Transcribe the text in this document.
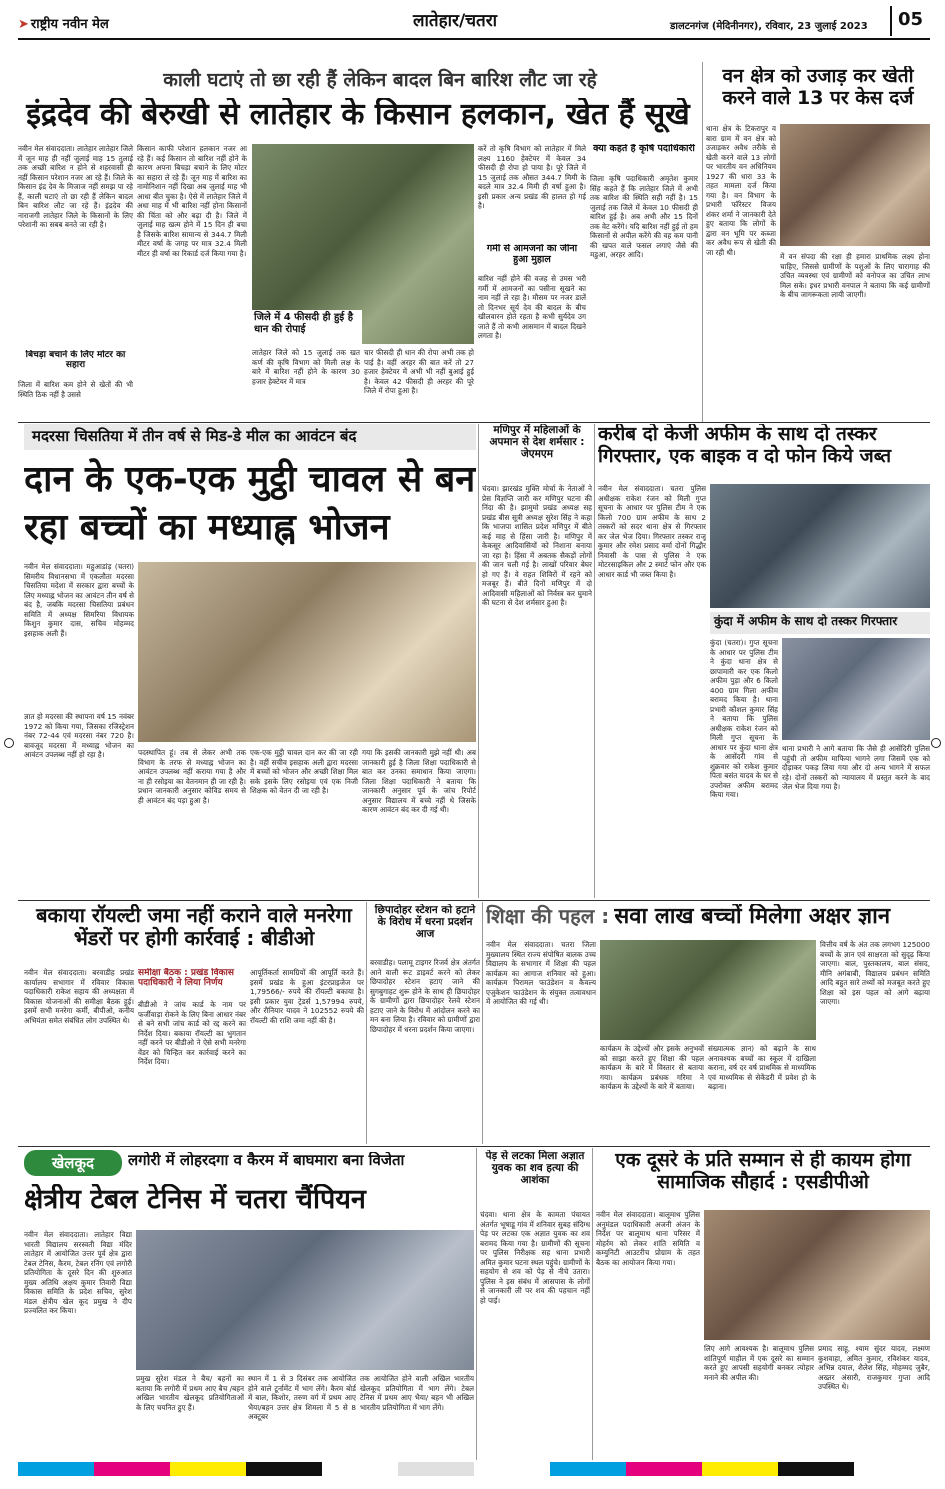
➤ राष्ट्रीय नवीन मेल	लातेहार/चतरा	डालटनगंज (मेदिनीनगर), रविवार, 23 जुलाई 2023	05
काली घटाएं तो छा रही हैं लेकिन बादल बिन बारिश लौट जा रहे
इंद्रदेव की बेरुखी से लातेहार के किसान हलकान, खेत हैं सूखे
नवीन मेल संवाददाता। लातेहार लातेहार जिले में जून माह ही नहीं जुलाई माह 15 तुलाई तक अच्छी बारिश न होने से शहरवासी ही नहीं किसान परेशान नजर आ रहे हैं। जिले के किसान इंद्र देव के मिजाज नहीं समझ पा रहे हैं, काली घटाएं तो छा रही हैं लेकिन बादल बिन बारिश लौट जा रहे हैं। इंद्रदेव की नाराजगी लातेहार जिले के किसानों के लिए परेशानी का सबब बनते जा रही है।
बिचड़ा बचाने के लिए मोटर का सहारा
जिला में बारिश कम होने से खेतों की भी स्थिति ठिक नहीं है उससे
किसान काफी परेशान हलकान नजर आ रहे हैं। कई किसान तो बारिश नहीं होने के कारण अपना बिचड़ा बचाने के लिए मोटर का सहारा ले रहे हैं। जून माह में बारिश का नामोनिशान नहीं दिखा अब जुलाई माह भी आधा बीत चुका है। ऐसे में लातेहार जिले में अधा माह में भी बारिश नहीं होना किसानों की चिंता को और बढ़ा दी है। जिले में जुलाई माह खत्म होने में 15 दिन ही बचा है जिसके बारिश सामान्य से 344.7 मिली मीटर वर्षा के जगह पर मात्र 32.4 मिली मीटर ही वर्षा का रिकार्ड दर्ज किया गया है।
जिले में 4 फीसदी ही हुई है धान की रोपाई
लातेहार जिले को 15 जुलाई तक खत कर्ण की कृषि विभाग को मिली लक्ष के बारे में बारिश नहीं होने के कारण 30 हजार हेक्टेयर में मात्र
चार फीसदी ही धान की रोपा अभी तक हो पाई है। वहीं अरहर की बात करें तो 27 हजार हेक्टेयर में अभी भी नहीं बुआई हुई है। केवल 42 फीसदी ही अरहर की पूरे जिले में रोपा हुआ है।
करें तो कृषि विभाग को लातेहार में मिले लक्ष्य 1160 हेक्टेयर में केवल 34 फीसदी ही रोपा हो पाया है। पूरे जिले में 15 जुलाई तक औसत 344.7 मिमी के बदले मात्र 32.4 मिमी ही वर्षा हुआ है। इसी प्रकार अन्य प्रखंड की हालत हो गई है।
गर्मी से आमजनों का जीना हुआ मुहाल
बारिश नहीं होने की वजह से उमस भरी गर्मी में आमजनों का पसीना सूखने का नाम नहीं ले रहा है। मौसम पर नजर डालें तो दिनभर सूर्य देव की बादल के बीच खीलवारन होते रहता है कभी सुर्यदेव उग जाते हैं तो कभी आसमान में बादल दिखने लगता है।
क्या कहते हैं कृषि पदाधिकारी
जिला कृषि पदाधिकारी अमृतेश कुमार सिंह कहते हैं कि लातेहार जिले में अभी तक बारिश की स्थिति सही नहीं है। 15 जुलाई तक जिले में केवल 10 फीसदी ही बारिश हुई है। अब अभी और 15 दिनों तक वेट करेंगे। यदि बारिश नहीं हुई तो हम किसानों से अपील करेंगे की वह कम पानी की खपत वाले फसल लगाएं जैसे की मडुआ, अरहर आदि।
वन क्षेत्र को उजाड़ कर खेती करने वाले 13 पर केस दर्ज
थाना क्षेत्र के टिकरापुर व बारा ग्राम में वन क्षेत्र को उजाड़कर अवैध तरीके से खेती करने वाले 13 लोगों पर भारतीय वन अधिनियम 1927 की धारा 33 के तहत मामला दर्ज किया गया है। वन विभाग के प्रभारी फॉरेस्टर विजय शंकर शर्मा ने जानकारी देते हुए बताया कि लोगों के द्वारा वन भूमि पर कब्जा कर अवैध रूप से खेती की जा रही थी।	में वन संपदा की रक्षा ही हमारा प्राथमिक लक्ष्य होना चाहिए, जिससे ग्रामीणों के पशुओं के लिए चारागाह की उचित व्यवस्था एवं ग्रामीणों को वनोपज का उचित लाभ मिल सके। इधर प्रभारी वनपाल ने बताया कि कई ग्रामीणों के बीच जागरूकता लायी जाएगी।
मदरसा चिसतिया में तीन वर्ष से मिड-डे मील का आवंटन बंद
दान के एक-एक मुट्ठी चावल से बन रहा बच्चों का मध्याह्न भोजन
नवीन मेल संवाददाता। महुआडांड़ (चतरा) सिमरीय विधानसभा में एकलौता मदरसा चिसतिया मदेशा में सरकार द्वारा बच्चों के लिए मध्याह्न भोजन का आवंटन तीन वर्ष से बंद है, जबकि मदरसा चिसतिया प्रबंधन समिति में अध्यक्ष सिमरिया विधायक किशुन कुमार दास, सचिव मोहम्मद इसहाक अली हैं।
ज्ञात हो मदरसा की स्थापना वर्ष 15 नवंबर 1972 को किया गया, जिसका रजिस्ट्रेशन नंबर 72-44 एवं मदरसा नंबर 720 है। बावजूद मदरसा में मध्याह्न भोजन का आवंटन उपलब्ध नहीं हो रहा है।	पदस्थापित हूं। तब से लेकर अभी तक विभाग के तरफ से मध्याह्न भोजन का आवंटन उपलब्ध नहीं कराया गया है और ना ही रसोइया का वेतनमान ही जा रही है। प्रधान जानकारी अनुसार कोविड समय से ही आवंटन बंद पड़ा हुआ है।
एक-एक मुट्ठी चावल दान कर की जा रही है। वहीं सचीव इसहाक अली द्वारा मदरसा में बच्चों को भोजन और अच्छी शिक्षा मिल सके इसके लिए रसोइया एवं एक निजी शिक्षक को वेतन दी जा रही है।
गया कि इसकी जानकारी मुझे नहीं थी। अब जानकारी हुई है जिला शिक्षा पदाधिकारी से बात कर उनका समाधान किया जाएगा। जिला शिक्षा पदाधिकारी ने बताया कि जानकारी अनुसार पूर्व के जांच रिपोर्ट अनुसार विद्यालय में बच्चे नहीं थे जिसके कारण आवंटन बंद कर दी गई थी।
मणिपुर में महिलाओं के अपमान से देश शर्मसार : जेएमएम
चंदवा। झारखंड मुक्ति मोर्चा के नेताओं ने प्रेस विज्ञप्ति जारी कर मणिपुर घटना की निंदा की है। झामुमो प्रखंड अध्यक्ष सह प्रखंड बीस सूत्री अध्यक्ष सुरेश सिंह ने कहा कि भाजपा शासित प्रदेश मणिपुर में बीते कई माह से हिंसा जारी है। मणिपुर में केकसूर आदिवासियों को निशाना बनाया जा रहा है। हिंसा में अबतक सैकड़ों लोगों की जान चली गई है। लाखों परिवार बेघर हो गए हैं। वे राहत शिविरों में रहने को मजबूर हैं। बीते दिनों मणिपुर में दो आदिवासी महिलाओं को निर्वस्त्र कर घुमाने की घटना से देश शर्मसार हुआ है।
करीब दो केजी अफीम के साथ दो तस्कर गिरफ्तार, एक बाइक व दो फोन किये जब्त
नवीन मेल संवाददाता। चतरा पुलिस अधीक्षक राकेश रंजन को मिली गुप्त सूचना के आधार पर पुलिस टीम ने एक किलो 700 ग्राम अफीम के साथ 2 तस्करों को सदर थाना क्षेत्र से गिरफ्तार कर जेल भेज दिया। गिरफ्तार तस्कर राजू कुमार और रमेश प्रसाद वर्मा दोनों गिद्धौर निवासी के पास से पुलिस ने एक मोटरसाइकिल और 2 स्मार्ट फोन और एक आधार कार्ड भी जब्त किया है।
कुंदा में अफीम के साथ दो तस्कर गिरफ्तार
कुंदा (चतरा)। गुप्त सूचना के आधार पर पुलिस टीम ने कुंदा थाना क्षेत्र से छापामारी कर एक किलो अफीम पुड़ा और 6 किलो 400 ग्राम गिला अफीम बरामद किया है। थाना प्रभारी कौशल कुमार सिंह ने बताया कि पुलिस अधीक्षक राकेश रंजन को मिली गुप्त सूचना के आधार पर कुंदा थाना क्षेत्र के आसेंदरी गांव से शुक्रवार को राकेश कुमार पिता बसंत यादव के घर से उपरोक्त अफीम बरामद किया गया।
थाना प्रभारी ने आगे बताया कि जैसे ही आसेंदिरी पुलिस पहुंची तो अफीम माफिया भागने लगा जिसमें एक को दौड़ाकर पकड़ लिया गया और दो अन्य भागने में सफल रहे। दोनों तस्करों को न्यायालय में प्रस्तुत करने के बाद जेल भेज दिया गया है।
बकाया रॉयल्टी जमा नहीं कराने वाले मनरेगा भेंडरों पर होगी कार्रवाई : बीडीओ
नवीन मेल संवाददाता। बरवाडीह प्रखंड कार्यालय सभागार में रविवार विकास पदाधिकारी राकेश सहाय की अध्यक्षता में विकास योजनाओं की समीक्षा बैठक हुई। इसमें सभी मनरेगा कर्मी, बीपीओ, कनीय अभियंता समेत संबंधित लोग उपस्थित थे।
समीक्षा बैठक : प्रखंड विकास पदाधिकारी ने लिया निर्णय
बीडीओ ने जांच कार्ड के नाम पर फर्जीवाड़ा रोकने के लिए बिना आधार नंबर से बने सभी जांच कार्ड को रद्द करने का निर्देश दिया। बकाया रॉयल्टी का भुगतान नहीं करने पर बीडीओ ने ऐसे सभी मनरेगा वेंडर को चिन्हित कर कार्रवाई करने का निर्देश दिया।
आपूर्तिकर्ता सामग्रियों की आपूर्ति करते हैं। इसमें प्रखंड के हुआ इंटरप्राइजेज पर 1,79566/- रुपये की रॉयल्टी बकाया है। इसी प्रकार युवा ट्रेडर्स 1,57994 रुपये, और रौनियार यादव ने 102552 रुपये की रॉयल्टी की राशि जमा नहीं की है।
छिपादोहर स्टेशन को हटाने के विरोध में धरना प्रदर्शन आज
बरवाडीह। पलामू टाइगर रिजर्व क्षेत्र अंतर्गत आने वाली रूट डाइवर्ट करने को लेकर छिपादोहर स्टेशन हटाए जाने की सुगबुगाहट शुरू होने के साथ ही छिपादोहर के ग्रामीणों द्वारा छिपादोहर रेलवे स्टेशन हटाए जाने के विरोध में आंदोलन करने का मन बना लिया है। रविवार को ग्रामीणों द्वारा छिपादोहर में धरना प्रदर्शन किया जाएगा।
शिक्षा की पहल : सवा लाख बच्चों मिलेगा अक्षर ज्ञान
नवीन मेल संवाददाता। चतरा जिला मुख्यालय स्थित राज्य संपोषित बालक उच्च विद्यालय के सभागार में शिक्षा की पहल कार्यक्रम का आगाज शनिवार को हुआ। कार्यक्रम पिरामल फाउंडेशन व कैवल्य एजुकेशन फाउंडेशन के संयुक्त तत्वावधान में आयोजित की गई थी।
कार्यक्रम के उद्देश्यों और इसके अनुभवों को साझा करते हुए शिक्षा की पहल कार्यक्रम के बारे में विस्तार से बताया गया। कार्यक्रम प्रबंधक गरिमा ने कार्यक्रम के उद्देश्यों के बारे में बताया।
संख्यात्मक ज्ञान) को बढ़ाने के साथ अनावश्यक बच्चों का स्कूल में दाखिला कराना, वर्ष दर वर्ष प्राथमिक से माध्यमिक एवं माध्यमिक से सेकेंडरी में प्रवेश हो के बढ़ाना।
वित्तीय वर्ष के अंत तक लगभग 125000 बच्चों के ज्ञान एवं साक्षरता को सुदृढ़ किया जाएगा। बाल, पुस्तकालय, बाल संसद, मीनि अगंबाबी, विद्यालय प्रबंधन समिति आदि बहुत सारे तथ्यों को मजबूत करते हुए शिक्षा को इस पहल को आगे बढ़ाया जाएगा।
खेलकूद	लगोरी में लोहरदगा व कैरम में बाघमारा बना विजेता
क्षेत्रीय टेबल टेनिस में चतरा चैंपियन
नवीन मेल संवाददाता। लातेहार विद्या भारती विद्यालय सरस्वती विद्या मंदिर लातेहार में आयोजित उत्तर पूर्व क्षेत्र द्वारा टेबल टेनिस, कैरम, टेबल रनिंग एवं लगोरी प्रतियोगिता के दूसरे दिन की शुरुआत मुख्य अतिथि अक्षय कुमार तिवारी विद्या विकास समिति के प्रदेश सचिव, सुरेश मंडल क्षेत्रीय खेल कूद प्रमुख ने दीप प्रज्वलित कर किया।
प्रमुख सुरेश मंडल ने बैच/ बहनों का बताया कि लगोरी में प्रथम आए बैच /बहन अखिल भारतीय खेलकूद प्रतियोगिताओं के लिए चयनित हुए हैं।
स्थान में 1 से 3 दिसंबर तक आयोजित होने वाले टूर्नामेंट में भाग लेंगे। कैरम बोर्ड में बाल, किशोर, तरुण वर्ग में प्रथम आए भैया/बहन उत्तर क्षेत्र शिमला में 5 से 8 अक्टूबर
तक आयोजित होने वाली अखिल भारतीय खेलकूद प्रतियोगिता में भाग लेंगे। टेबल टेनिस में प्रथम आए भैया/ बहन भी अखिल भारतीय प्रतियोगिता में भाग लेंगे।
पेड़ से लटका मिला अज्ञात युवक का शव हत्या की आशंका
चंदवा। थाना क्षेत्र के कामता पंचायत अंतर्गत भूषाडू गांव में शनिवार सुबह संदिग्ध पेड़ पर लटका एक अज्ञात युवक का शव बरामद किया गया है। ग्रामीणों की सूचना पर पुलिस निरीक्षक सह थाना प्रभारी अमित कुमार घटना स्थल पहुंचे। ग्रामीणों के सहयोग से शव को पेड़ से नीचे उतारा। पुलिस ने इस संबंध में आसपास के लोगों से जानकारी ली पर शव की पहचान नहीं हो पाई।
एक दूसरे के प्रति सम्मान से ही कायम होगा सामाजिक सौहार्द : एसडीपीओ
नवीन मेल संवाददाता। बालूमाथ पुलिस अनुमंडल पदाधिकारी अजनी अंजन के निर्देश पर बालूमाथ थाना परिसर में मोहर्रम को लेकर शांति समिति व कम्युनिटी आउटरीच प्रोग्राम के तहत बैठक का आयोजन किया गया।
लिए आगे आवश्यक है। बालूमाथ पुलिस शांतिपूर्ण माहौल में एक दूसरे का सम्मान करते हुए आपसी सहयोगी बनकर त्योहार मनाने की अपील की।
प्रमाद साहू, श्याम सुंदर यादव, लक्ष्मण कुशवाहा, अमित कुमार, रविशंकर यादव, अभिन्न दयाल, शैलेश सिंह, मोहम्मद जुबैर, अख्तर अंसारी, राजकुमार गुप्ता आदि उपस्थित थे।
